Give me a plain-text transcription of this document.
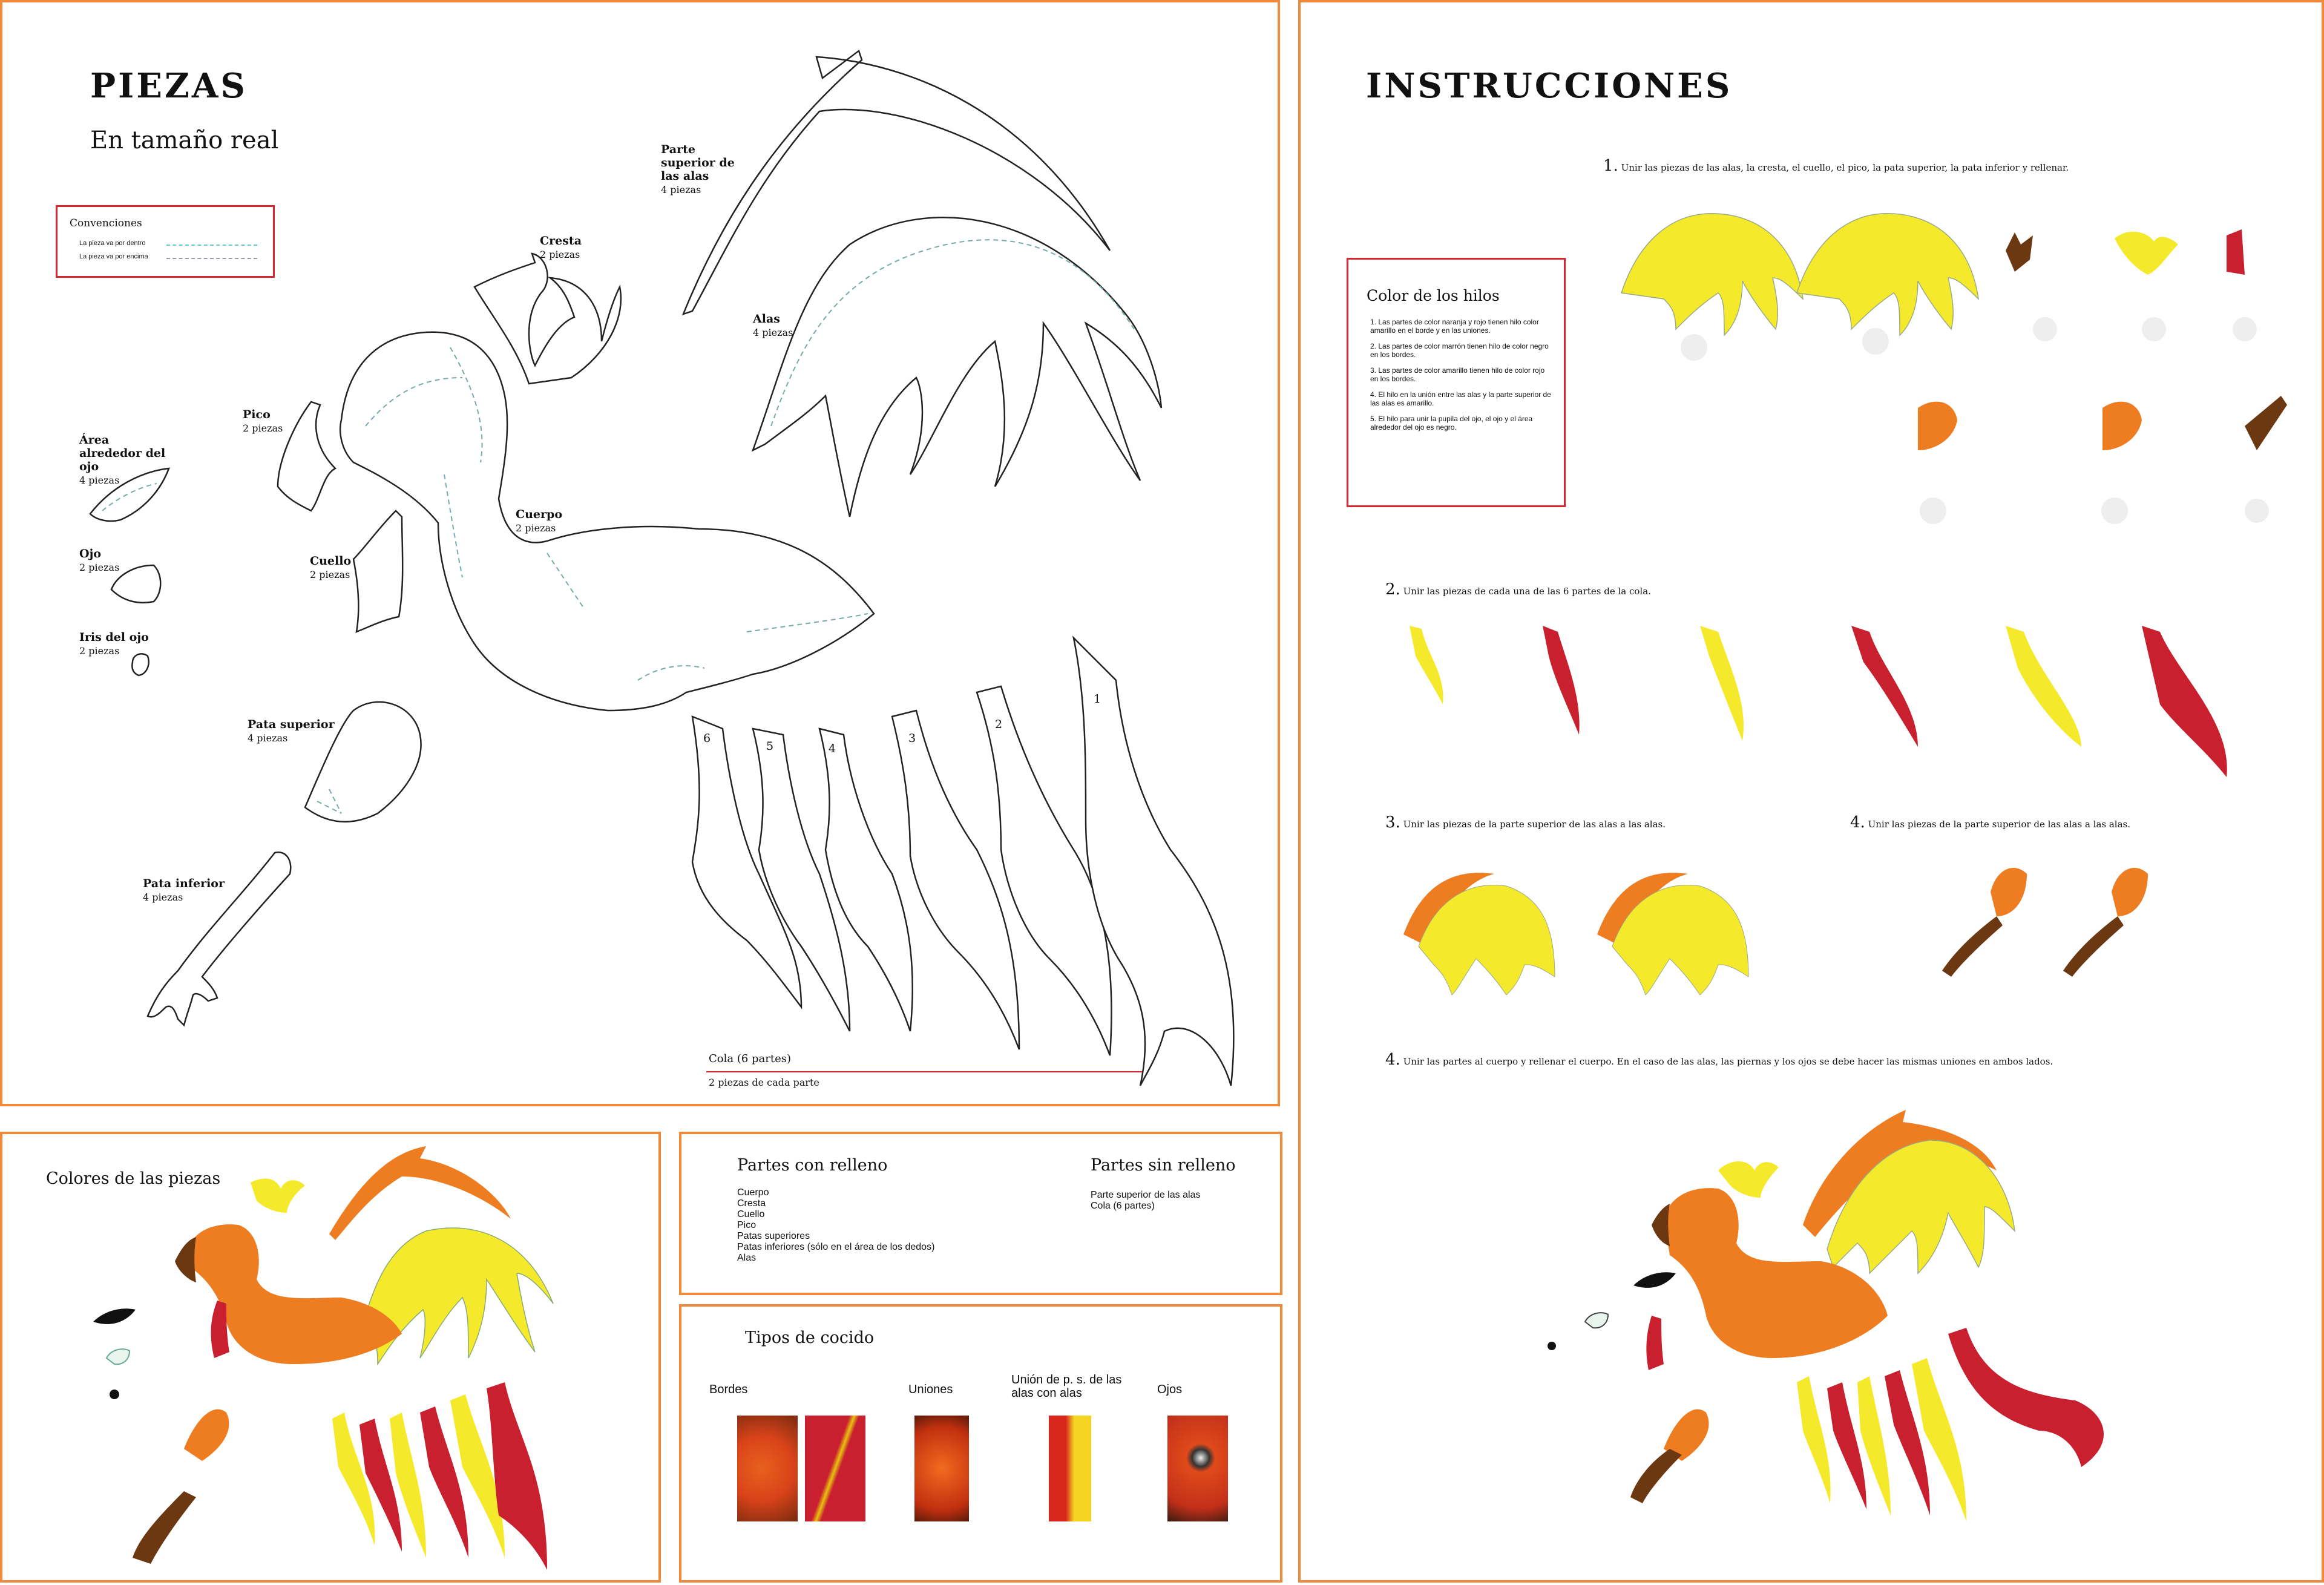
PIEZAS
En tamaño real
Convenciones
La pieza va por dentro
La pieza va por encima
Parte superior de las alas
4 piezas
Cresta
2 piezas
Alas
4 piezas
Pico
2 piezas
Área alrededor del ojo
4 piezas
Ojo
2 piezas
Iris del ojo
2 piezas
Cuello
2 piezas
Cuerpo
2 piezas
Pata superior
4 piezas
Pata inferior
4 piezas
6
5	4
3
2
1
Cola (6 partes)
2 piezas de cada parte
Colores de las piezas
Partes con relleno
Cuerpo
Cresta
Cuello
Pico
Patas superiores
Patas inferiores (sólo en el área de los dedos)
Alas
Partes sin relleno
Parte superior de las alas
Cola (6 partes)
Tipos de cocido
Bordes	Uniones
Unión de p. s. de las alas con alas	Ojos
INSTRUCCIONES
Color de los hilos
1. Las partes de color naranja y rojo tienen hilo color amarillo en el borde y en las uniones.
2. Las partes de color marrón tienen hilo de color negro en los bordes.
3. Las partes de color amarillo tienen hilo de color rojo en los bordes.
4. El hilo en la unión entre las alas y la parte superior de las alas es amarillo.
5. El hilo para unir la pupila del ojo, el ojo y el área alrededor del ojo es negro.
1. Unir las piezas de las alas, la cresta, el cuello, el pico, la pata superior, la pata inferior y rellenar.
2. Unir las piezas de cada una de las 6 partes de la cola.
3. Unir las piezas de la parte superior de las alas a las alas.	4. Unir las piezas de la parte superior de las alas a las alas.
4. Unir las partes al cuerpo y rellenar el cuerpo. En el caso de las alas, las piernas y los ojos se debe hacer las mismas uniones en ambos lados.
